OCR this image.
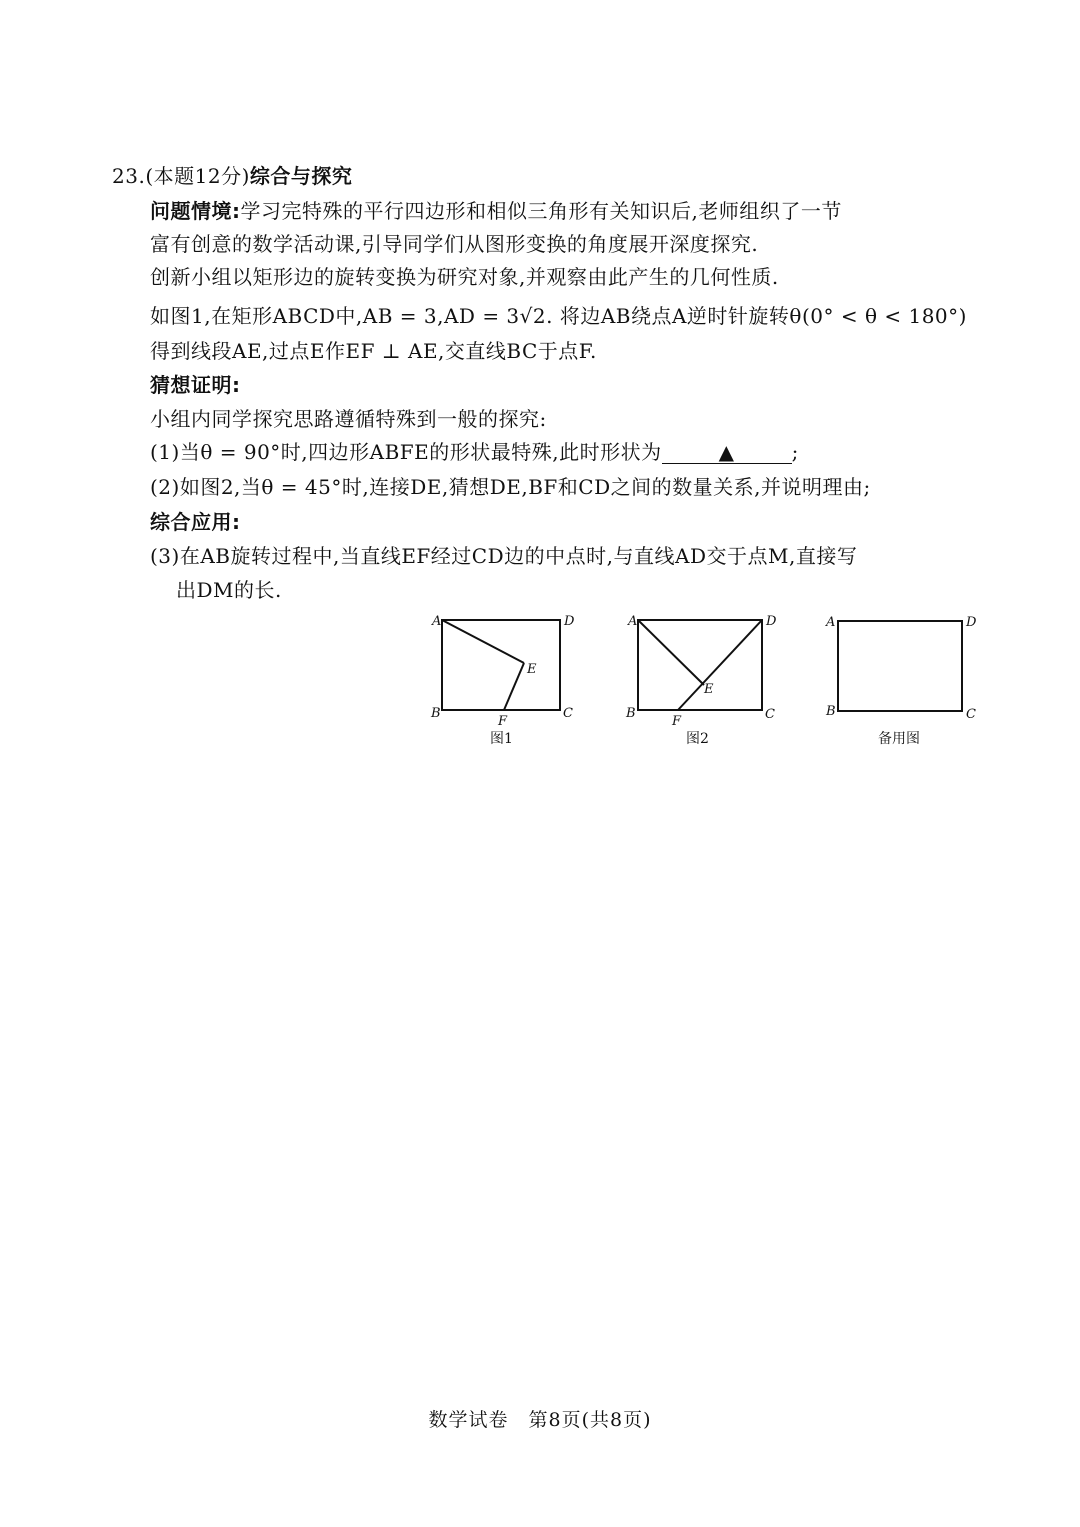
23.(本题12分)综合与探究
问题情境:学习完特殊的平行四边形和相似三角形有关知识后,老师组织了一节
富有创意的数学活动课,引导同学们从图形变换的角度展开深度探究.
创新小组以矩形边的旋转变换为研究对象,并观察由此产生的几何性质.
如图1,在矩形ABCD中,AB = 3,AD = 3√2. 将边AB绕点A逆时针旋转θ(0° < θ < 180°)
得到线段AE,过点E作EF ⊥ AE,交直线BC于点F.
猜想证明:
小组内同学探究思路遵循特殊到一般的探究:
(1)当θ = 90°时,四边形ABFE的形状最特殊,此时形状为	▲	;
(2)如图2,当θ = 45°时,连接DE,猜想DE,BF和CD之间的数量关系,并说明理由;
综合应用:
(3)在AB旋转过程中,当直线EF经过CD边的中点时,与直线AD交于点M,直接写
出DM的长.
A	D
B	C
E
F
图1
A	D
B	C
E
F
图2
A	D
B	C
备用图
数学试卷　第8页(共8页)
